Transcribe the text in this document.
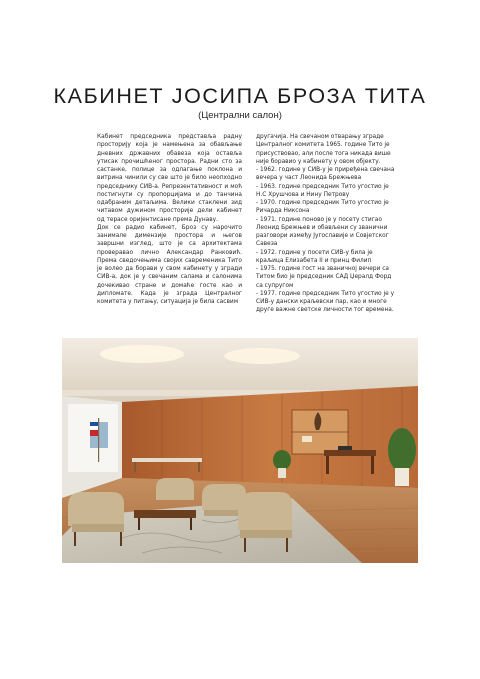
КАБИНЕТ ЈОСИПА БРОЗА ТИТА
(Централни салон)
Кабинет председника представља радну просторију која је намењена за обављање дневних државних обавеза која оставља утисак прочишћеног простора. Радни сто за састанке, полице за одлагање поклона и витрина чинили су све што је било неопходно председнику СИВ-а. Репрезентативност и моћ постигнути су пропорцијама и до танчина одабраним детаљима. Велики стаклени зид читавом дужином просторије дели кабинет од терасе оријентисане према Дунаву.
Док се радио кабинет, Броз су нарочито занимале димензије простора и његов завршни изглед, што је са архитектама проверавао лично Александар Ранковић. Према сведочењима својих савременика Тито је волео да борави у свом кабинету у згради СИВ-а, док је у свечаним салама и салонима дочекивао стране и домаће госте као и дипломате. Када је зграда Централног комитета у питању, ситуација је била сасвим
другачија. На свечаном отварању зграде Централног комитета 1965. године Тито је присуствовао, али после тога никада више није боравио у кабинету у овом објекту.
- 1962. године у СИВ-у је приређена свечана вечера у част Леонида Брежњева
- 1963. године председник Тито угостио је Н.С Хрушчова и Нину Петрову
- 1970. године председник Тито угостио је Ричарда Никсона
- 1971. године поново је у посету стигао Леонид Брежњев и обављени су званични разговори између Југославије и Совјетског Савеза
- 1972. године у посети СИВ-у била је краљица Елизабета II и принц Филип
- 1975. године гост на званичној вечери са Титом био је председник САД Џералд Форд са супругом
- 1977. године председник Тито угостио је у СИВ-у дански краљевски пар, као и многе друге важне светске личности тог времена.
